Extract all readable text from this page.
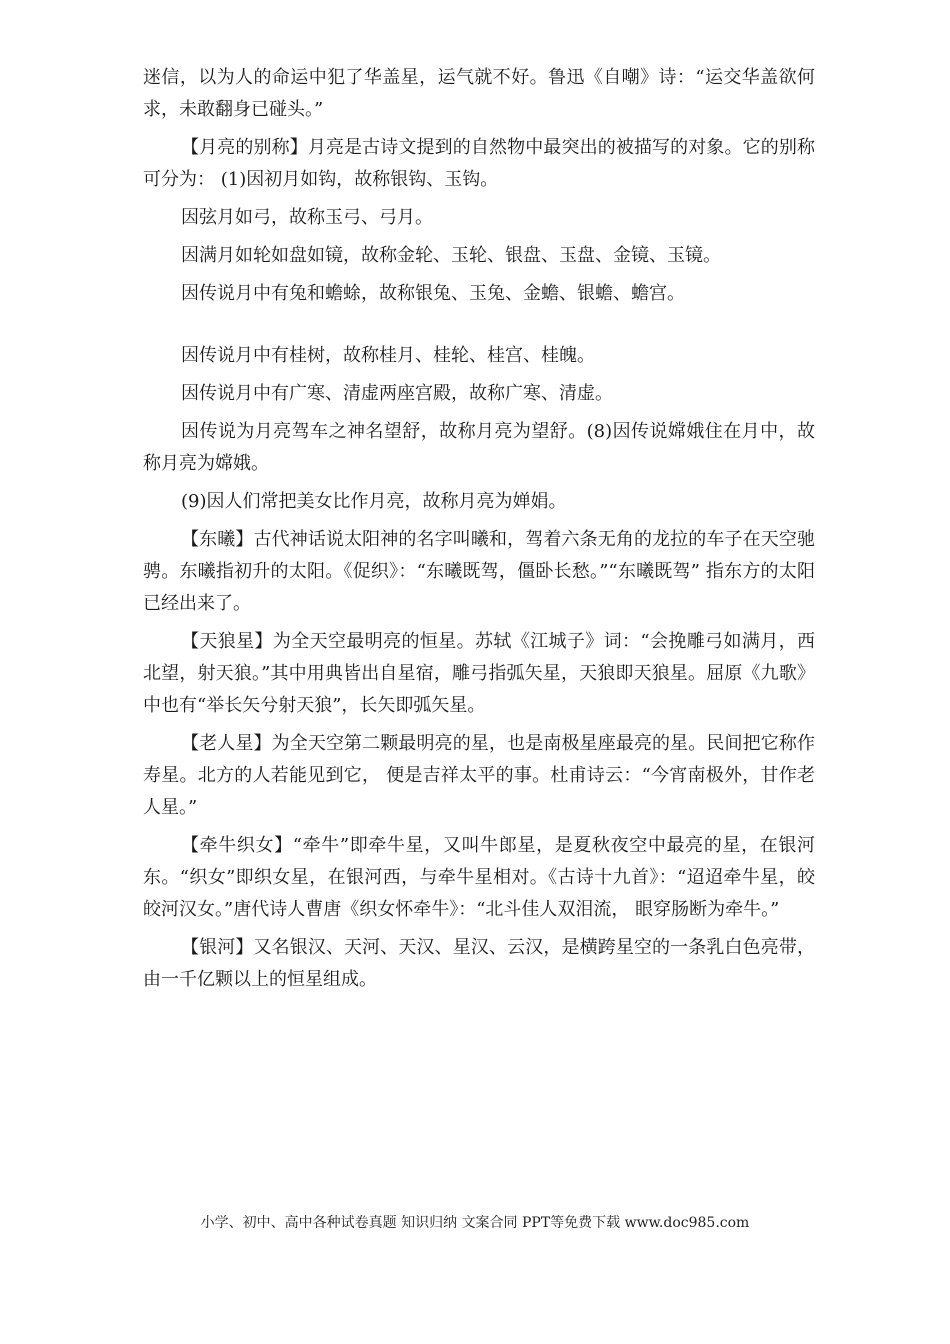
迷信，以为人的命运中犯了华盖星，运气就不好。鲁迅《自嘲》诗：“运交华盖欲何求，未敢翻身已碰头。”

【月亮的别称】月亮是古诗文提到的自然物中最突出的被描写的对象。它的别称可分为： (1)因初月如钩，故称银钩、玉钩。

因弦月如弓，故称玉弓、弓月。

因满月如轮如盘如镜，故称金轮、玉轮、银盘、玉盘、金镜、玉镜。

因传说月中有兔和蟾蜍，故称银兔、玉兔、金蟾、银蟾、蟾宫。

因传说月中有桂树，故称桂月、桂轮、桂宫、桂魄。

因传说月中有广寒、清虚两座宫殿，故称广寒、清虚。

因传说为月亮驾车之神名望舒，故称月亮为望舒。(8)因传说嫦娥住在月中，故称月亮为嫦娥。

(9)因人们常把美女比作月亮，故称月亮为婵娟。

【东曦】古代神话说太阳神的名字叫曦和，驾着六条无角的龙拉的车子在天空驰骋。东曦指初升的太阳。《促织》：“东曦既驾，僵卧长愁。”“东曦既驾” 指东方的太阳已经出来了。

【天狼星】为全天空最明亮的恒星。苏轼《江城子》词：“会挽雕弓如满月，西北望，射天狼。”其中用典皆出自星宿，雕弓指弧矢星，天狼即天狼星。屈原《九歌》中也有“举长矢兮射天狼”，长矢即弧矢星。

【老人星】为全天空第二颗最明亮的星，也是南极星座最亮的星。民间把它称作寿星。北方的人若能见到它， 便是吉祥太平的事。杜甫诗云：“今宵南极外，甘作老人星。”

【牵牛织女】“牵牛”即牵牛星，又叫牛郎星，是夏秋夜空中最亮的星，在银河东。“织女”即织女星，在银河西，与牵牛星相对。《古诗十九首》：“迢迢牵牛星，皎皎河汉女。”唐代诗人曹唐《织女怀牵牛》：“北斗佳人双泪流， 眼穿肠断为牵牛。”

【银河】又名银汉、天河、天汉、星汉、云汉，是横跨星空的一条乳白色亮带，由一千亿颗以上的恒星组成。

小学、初中、高中各种试卷真题 知识归纳 文案合同 PPT等免费下载 www.doc985.com
